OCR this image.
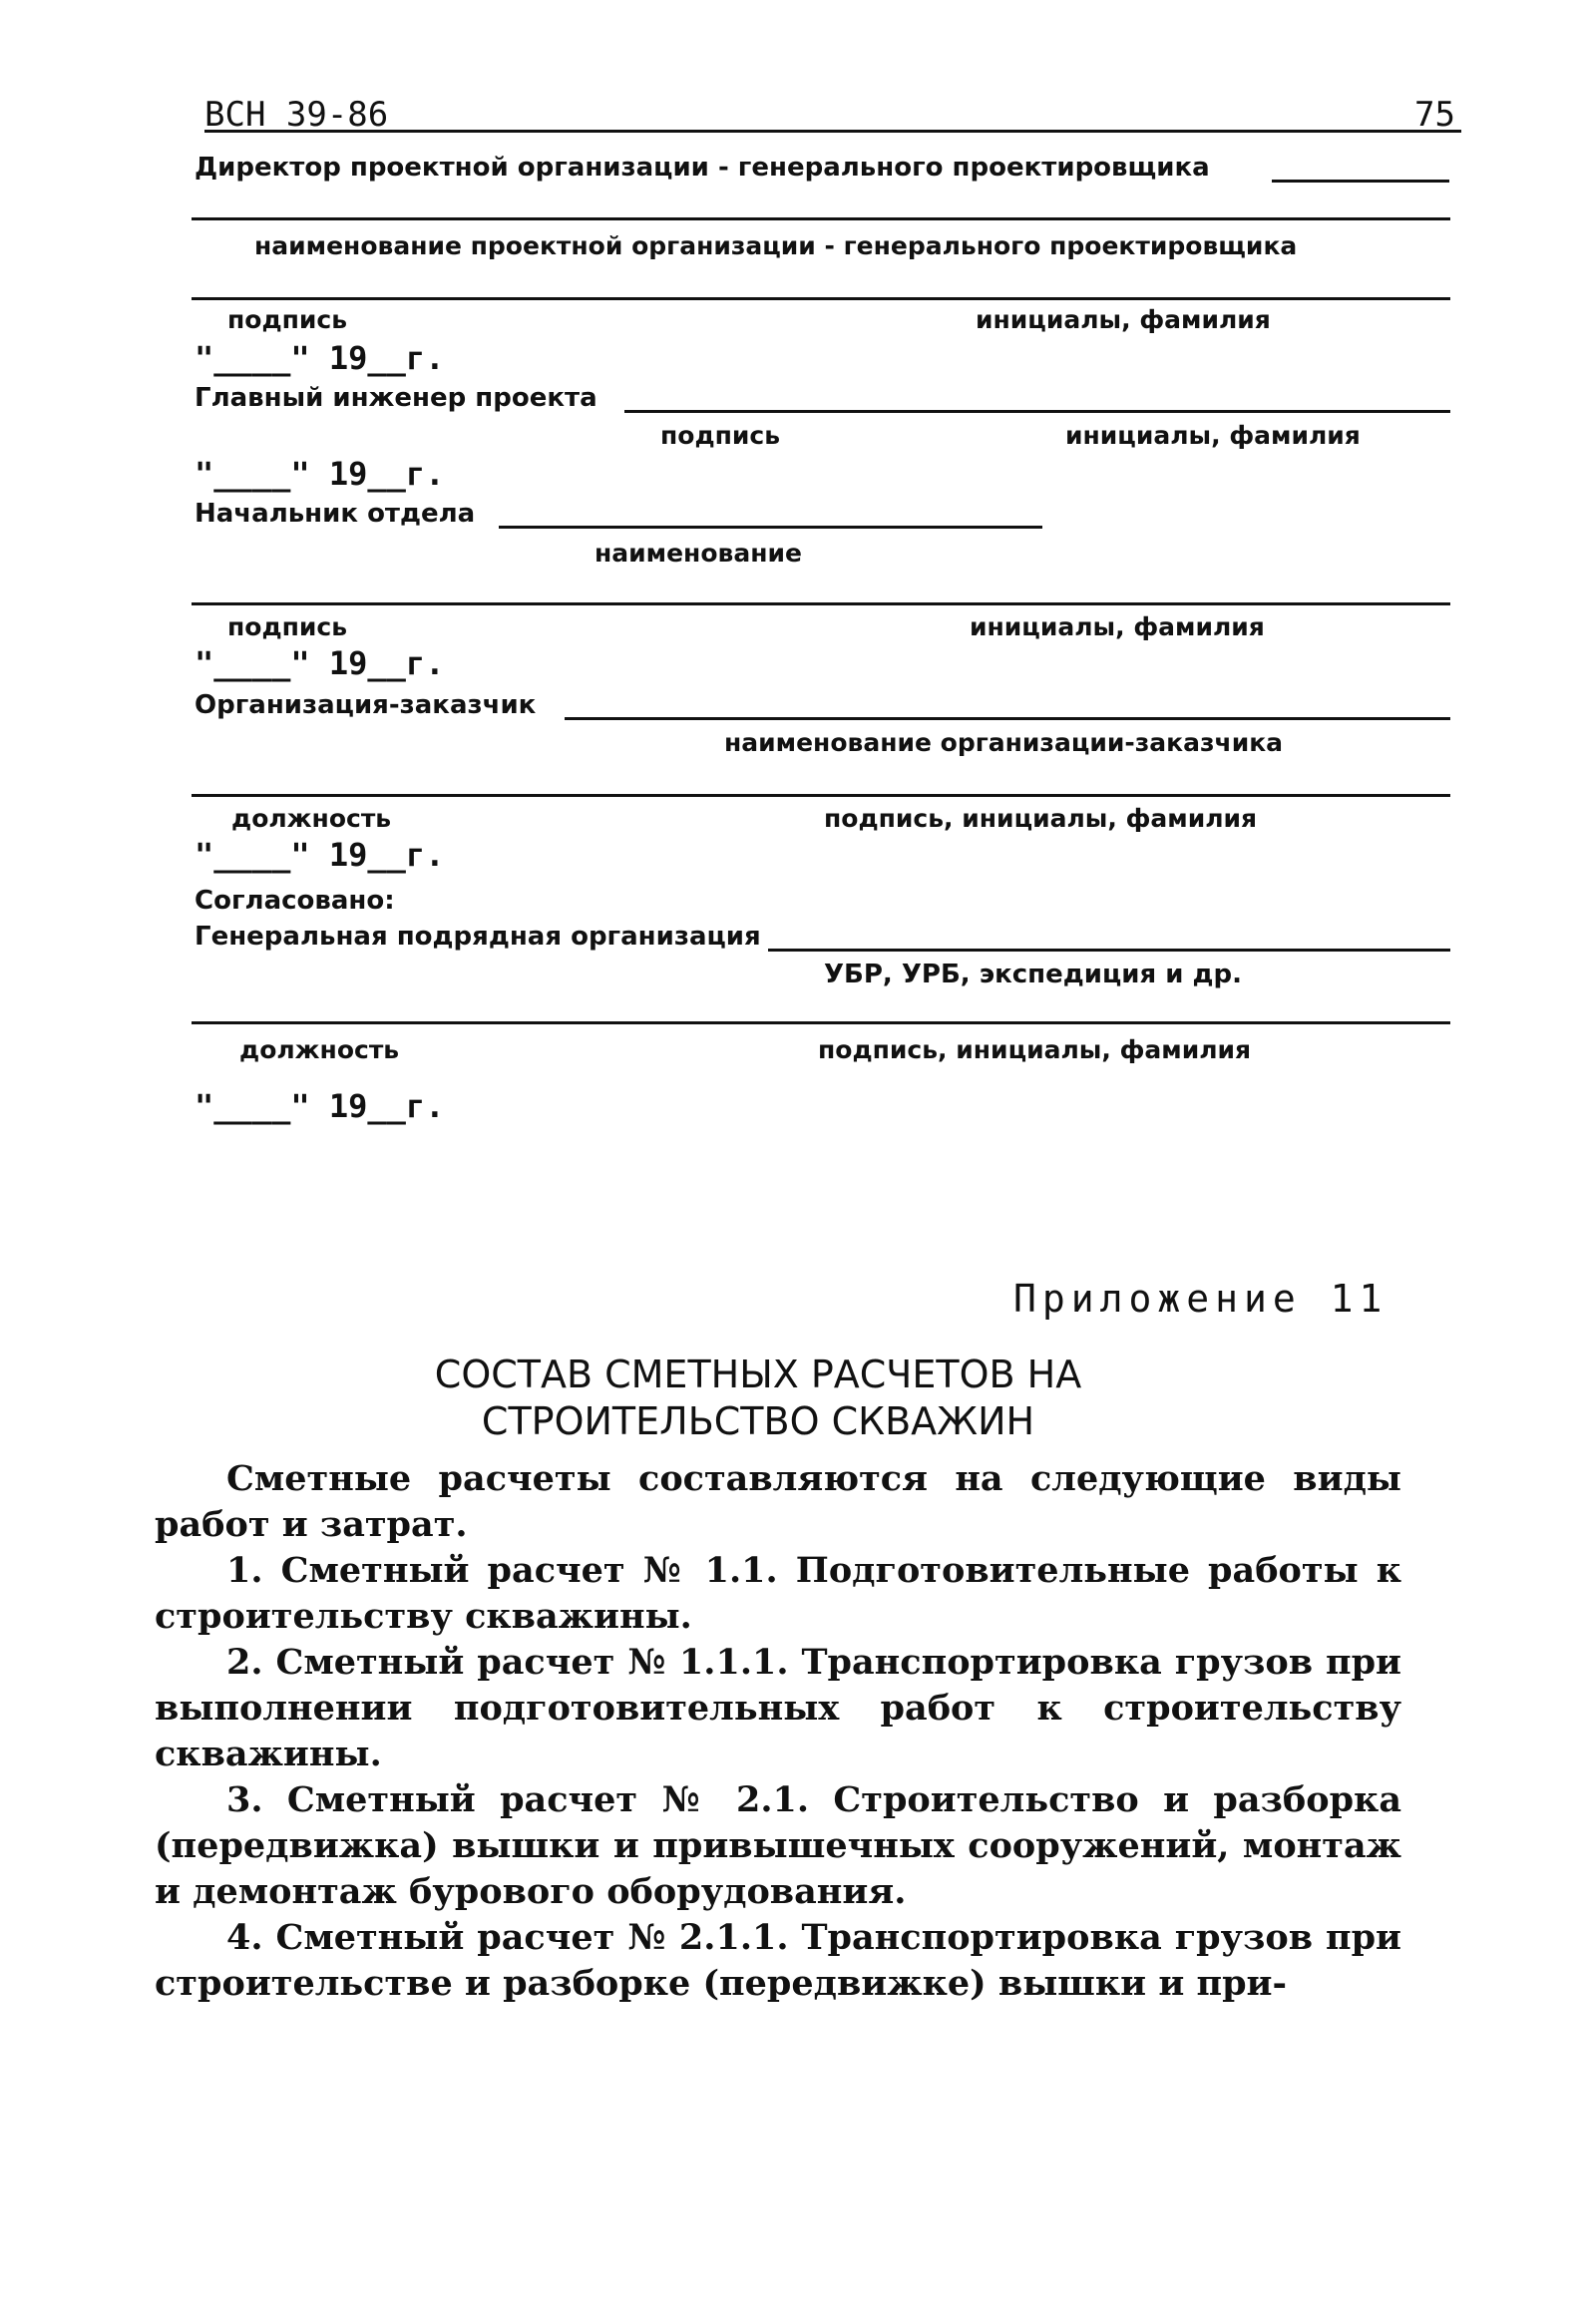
ВСН 39-86	75
Директор проектной организации - генерального проектировщика
наименование проектной организации - генерального проектировщика
подпись	инициалы, фамилия
"____" 19__г.
Главный инженер проекта
подпись	инициалы, фамилия
"____" 19__г.
Начальник отдела
наименование
подпись	инициалы, фамилия
"____" 19__г.
Организация-заказчик
наименование организации-заказчика
должность	подпись, инициалы, фамилия
"____" 19__г.
Согласовано:
Генеральная подрядная организация
УБР, УРБ, экспедиция и др.
должность	подпись, инициалы, фамилия
"____" 19__г.
Приложение 11
СОСТАВ СМЕТНЫХ РАСЧЕТОВ НА
СТРОИТЕЛЬСТВО СКВАЖИН

Сметные расчеты составляются на следующие виды работ и затрат.

1. Сметный расчет № 1.1. Подготовительные работы к строительству скважины.

2. Сметный расчет № 1.1.1. Транспортировка грузов при выполнении подготовительных работ к строительству скважины.

3. Сметный расчет № 2.1. Строительство и разборка (передвижка) вышки и привышечных сооружений, монтаж и демонтаж бурового оборудования.

4. Сметный расчет № 2.1.1. Транспортировка грузов при строительстве и разборке (передвижке) вышки и при-
